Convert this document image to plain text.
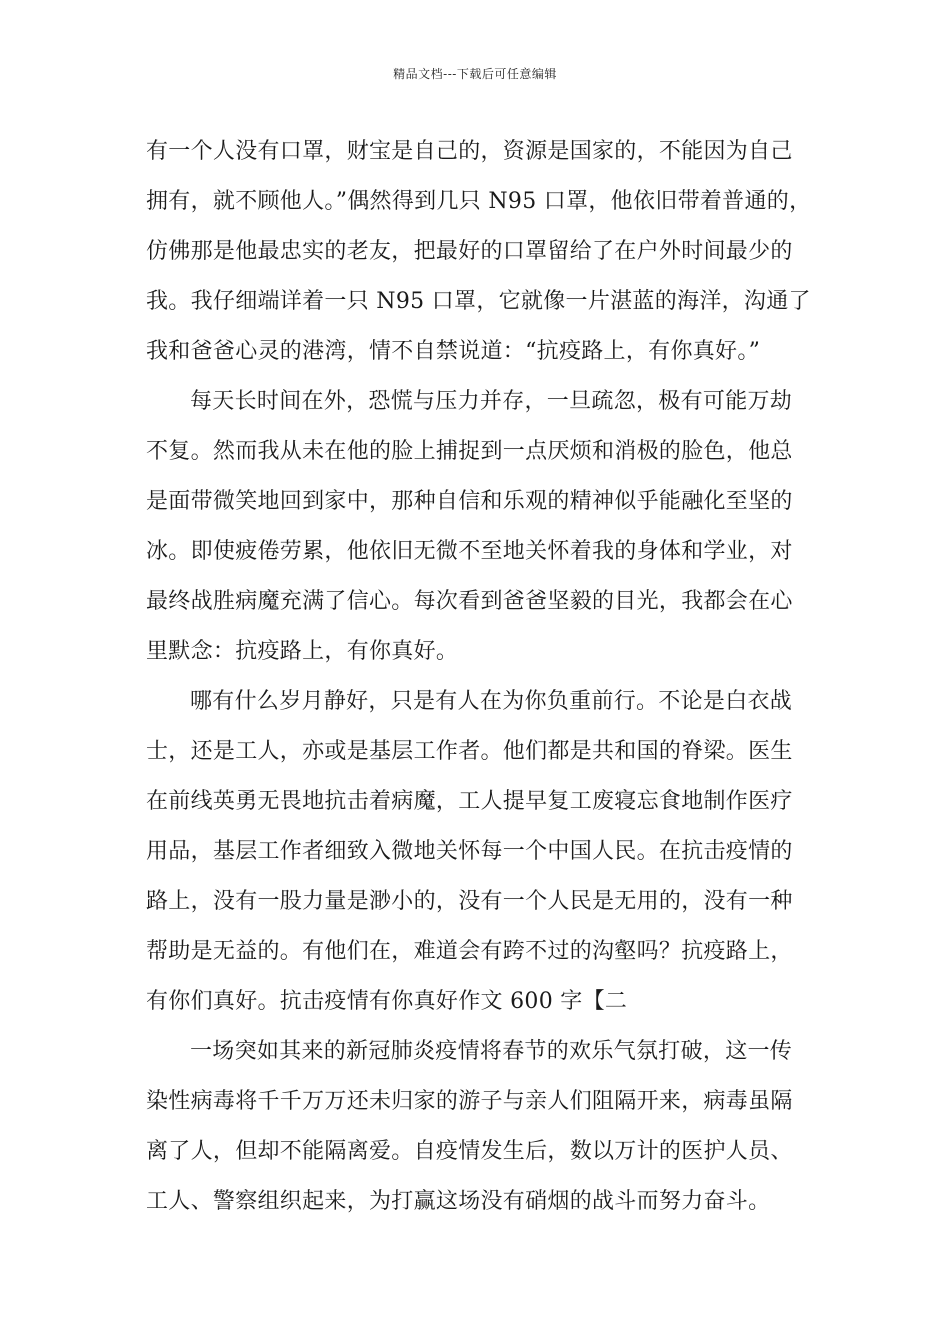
精品文档---下载后可任意编辑
有一个人没有口罩，财宝是自己的，资源是国家的，不能因为自己
拥有，就不顾他人。”偶然得到几只 N95 口罩，他依旧带着普通的，
仿佛那是他最忠实的老友，把最好的口罩留给了在户外时间最少的
我。我仔细端详着一只 N95 口罩，它就像一片湛蓝的海洋，沟通了
我和爸爸心灵的港湾，情不自禁说道：“抗疫路上，有你真好。”
每天长时间在外，恐慌与压力并存，一旦疏忽，极有可能万劫
不复。然而我从未在他的脸上捕捉到一点厌烦和消极的脸色，他总
是面带微笑地回到家中，那种自信和乐观的精神似乎能融化至坚的
冰。即使疲倦劳累，他依旧无微不至地关怀着我的身体和学业，对
最终战胜病魔充满了信心。每次看到爸爸坚毅的目光，我都会在心
里默念：抗疫路上，有你真好。
哪有什么岁月静好，只是有人在为你负重前行。不论是白衣战
士，还是工人，亦或是基层工作者。他们都是共和国的脊梁。医生
在前线英勇无畏地抗击着病魔，工人提早复工废寝忘食地制作医疗
用品，基层工作者细致入微地关怀每一个中国人民。在抗击疫情的
路上，没有一股力量是渺小的，没有一个人民是无用的，没有一种
帮助是无益的。有他们在，难道会有跨不过的沟壑吗？抗疫路上，
有你们真好。抗击疫情有你真好作文 600 字【二
一场突如其来的新冠肺炎疫情将春节的欢乐气氛打破，这一传
染性病毒将千千万万还未归家的游子与亲人们阻隔开来，病毒虽隔
离了人，但却不能隔离爱。自疫情发生后，数以万计的医护人员、
工人、警察组织起来，为打赢这场没有硝烟的战斗而努力奋斗。
